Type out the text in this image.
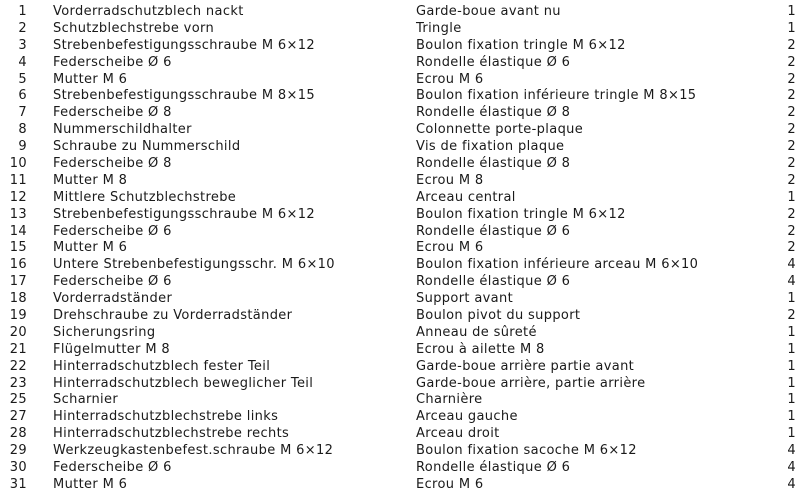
1 Vorderradschutzblech nackt	Garde-boue avant nu	1
2 Schutzblechstrebe vorn	Tringle	1
3 Strebenbefestigungsschraube M 6×12	Boulon fixation tringle M 6×12	2
4 Federscheibe Ø 6	Rondelle élastique Ø 6	2
5 Mutter M 6	Ecrou M 6	2
6 Strebenbefestigungsschraube M 8×15	Boulon fixation inférieure tringle M 8×15	2
7 Federscheibe Ø 8	Rondelle élastique Ø 8	2
8 Nummerschildhalter	Colonnette porte-plaque	2
9 Schraube zu Nummerschild	Vis de fixation plaque	2
10 Federscheibe Ø 8	Rondelle élastique Ø 8	2
11 Mutter M 8	Ecrou M 8	2
12 Mittlere Schutzblechstrebe	Arceau central	1
13 Strebenbefestigungsschraube M 6×12	Boulon fixation tringle M 6×12	2
14 Federscheibe Ø 6	Rondelle élastique Ø 6	2
15 Mutter M 6	Ecrou M 6	2
16 Untere Strebenbefestigungsschr. M 6×10	Boulon fixation inférieure arceau M 6×10	4
17 Federscheibe Ø 6	Rondelle élastique Ø 6	4
18 Vorderradständer	Support avant	1
19 Drehschraube zu Vorderradständer	Boulon pivot du support	2
20 Sicherungsring	Anneau de sûreté	1
21 Flügelmutter M 8	Ecrou à ailette M 8	1
22 Hinterradschutzblech fester Teil	Garde-boue arrière partie avant	1
23 Hinterradschutzblech beweglicher Teil	Garde-boue arrière, partie arrière	1
25 Scharnier	Charnière	1
27 Hinterradschutzblechstrebe links	Arceau gauche	1
28 Hinterradschutzblechstrebe rechts	Arceau droit	1
29 Werkzeugkastenbefest.schraube M 6×12	Boulon fixation sacoche M 6×12	4
30 Federscheibe Ø 6	Rondelle élastique Ø 6	4
31 Mutter M 6	Ecrou M 6	4
